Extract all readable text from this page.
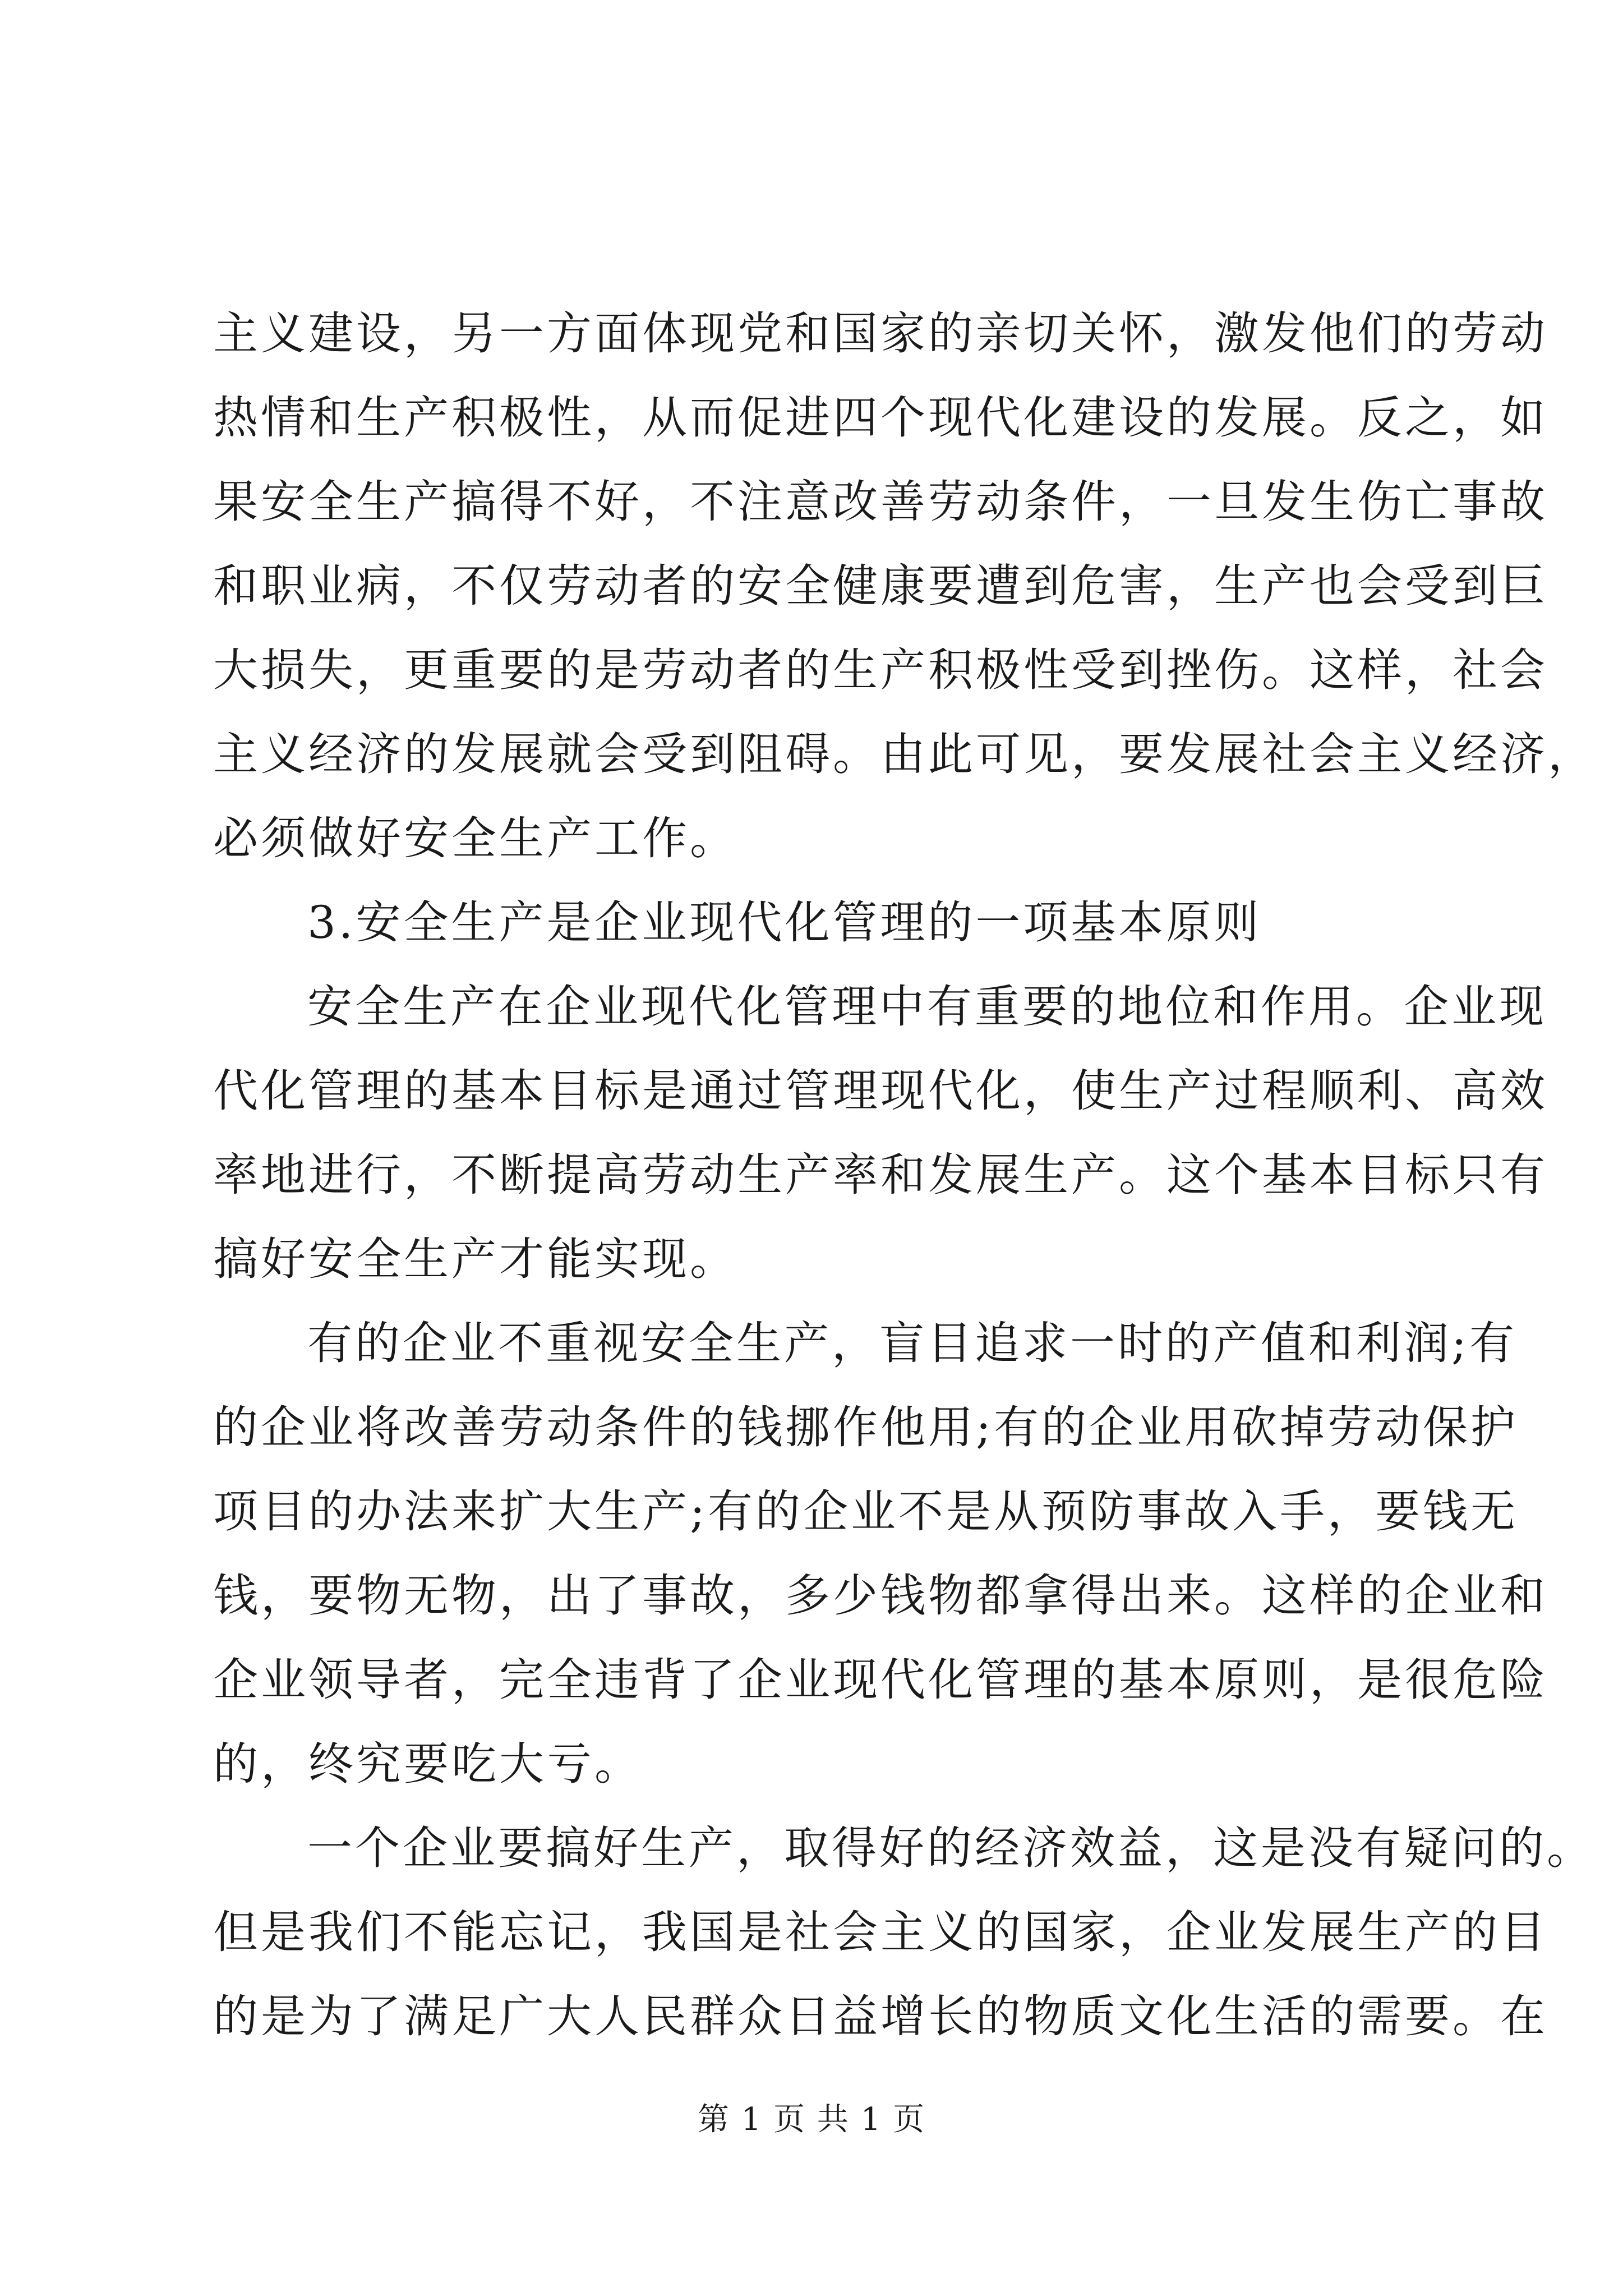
主义建设，另一方面体现党和国家的亲切关怀，激发他们的劳动
热情和生产积极性，从而促进四个现代化建设的发展。反之，如
果安全生产搞得不好，不注意改善劳动条件，一旦发生伤亡事故
和职业病，不仅劳动者的安全健康要遭到危害，生产也会受到巨
大损失，更重要的是劳动者的生产积极性受到挫伤。这样，社会
主义经济的发展就会受到阻碍。由此可见，要发展社会主义经济，
必须做好安全生产工作。
3.安全生产是企业现代化管理的一项基本原则
安全生产在企业现代化管理中有重要的地位和作用。企业现
代化管理的基本目标是通过管理现代化，使生产过程顺利、高效
率地进行，不断提高劳动生产率和发展生产。这个基本目标只有
搞好安全生产才能实现。
有的企业不重视安全生产，盲目追求一时的产值和利润;有
的企业将改善劳动条件的钱挪作他用;有的企业用砍掉劳动保护
项目的办法来扩大生产;有的企业不是从预防事故入手，要钱无
钱，要物无物，出了事故，多少钱物都拿得出来。这样的企业和
企业领导者，完全违背了企业现代化管理的基本原则，是很危险
的，终究要吃大亏。
一个企业要搞好生产，取得好的经济效益，这是没有疑问的。
但是我们不能忘记，我国是社会主义的国家，企业发展生产的目
的是为了满足广大人民群众日益增长的物质文化生活的需要。在
第 1 页 共 1 页
